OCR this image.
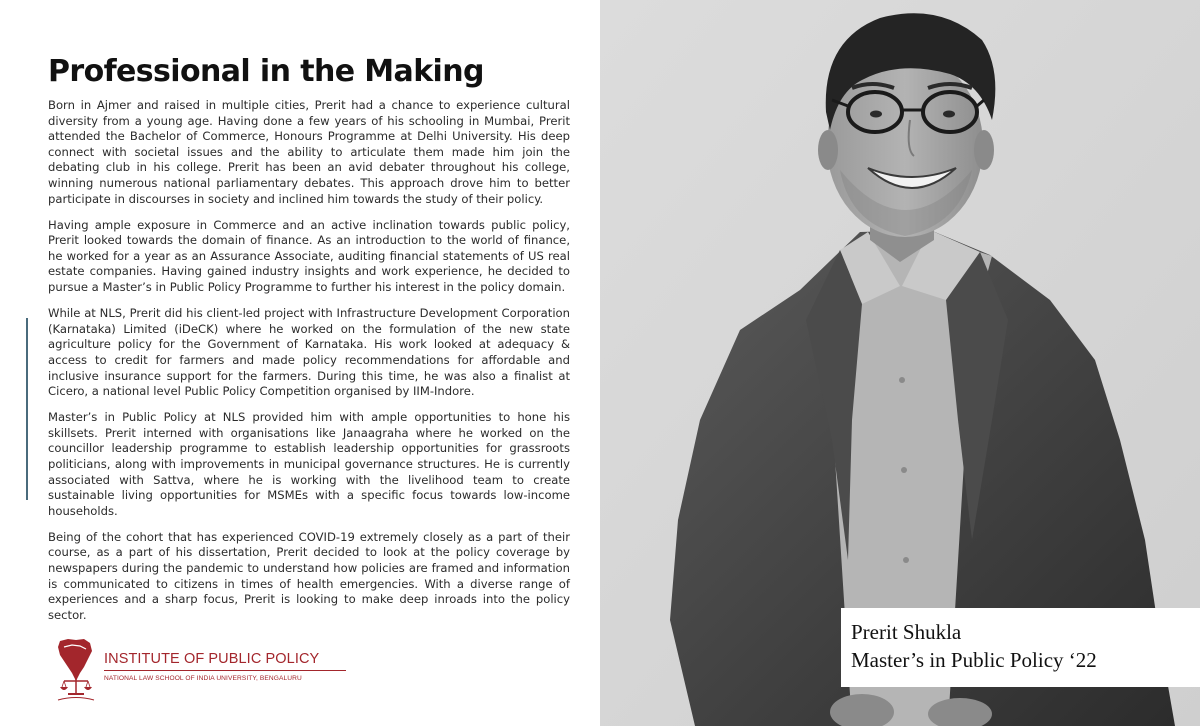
Professional in the Making

Born in Ajmer and raised in multiple cities, Prerit had a chance to experience cultural diversity from a young age. Having done a few years of his schooling in Mumbai, Prerit attended the Bachelor of Commerce, Honours Programme at Delhi University. His deep connect with societal issues and the ability to articulate them made him join the debating club in his college. Prerit has been an avid debater throughout his college, winning numerous national parliamentary debates. This approach drove him to better participate in discourses in society and inclined him towards the study of their policy.

Having ample exposure in Commerce and an active inclination towards public policy, Prerit looked towards the domain of finance. As an introduction to the world of finance, he worked for a year as an Assurance Associate, auditing financial statements of US real estate companies. Having gained industry insights and work experience, he decided to pursue a Master’s in Public Policy Programme to further his interest in the policy domain.

While at NLS, Prerit did his client-led project with Infrastructure Development Corporation (Karnataka) Limited (iDeCK) where he worked on the formulation of the new state agriculture policy for the Government of Karnataka. His work looked at adequacy & access to credit for farmers and made policy recommendations for affordable and inclusive insurance support for the farmers. During this time, he was also a finalist at Cicero, a national level Public Policy Competition organised by IIM-Indore.

Master’s in Public Policy at NLS provided him with ample opportunities to hone his skillsets. Prerit interned with organisations like Janaagraha where he worked on the councillor leadership programme to establish leadership opportunities for grassroots politicians, along with improvements in municipal governance structures. He is currently associated with Sattva, where he is working with the livelihood team to create sustainable living opportunities for MSMEs with a specific focus towards low-income households.

Being of the cohort that has experienced COVID-19 extremely closely as a part of their course, as a part of his dissertation, Prerit decided to look at the policy coverage by newspapers during the pandemic to understand how policies are framed and information is communicated to citizens in times of health emergencies. With a diverse range of experiences and a sharp focus, Prerit is looking to make deep inroads into the policy sector.

INSTITUTE OF PUBLIC POLICY
NATIONAL LAW SCHOOL OF INDIA UNIVERSITY, BENGALURU
Prerit Shukla
Master’s in Public Policy ‘22
